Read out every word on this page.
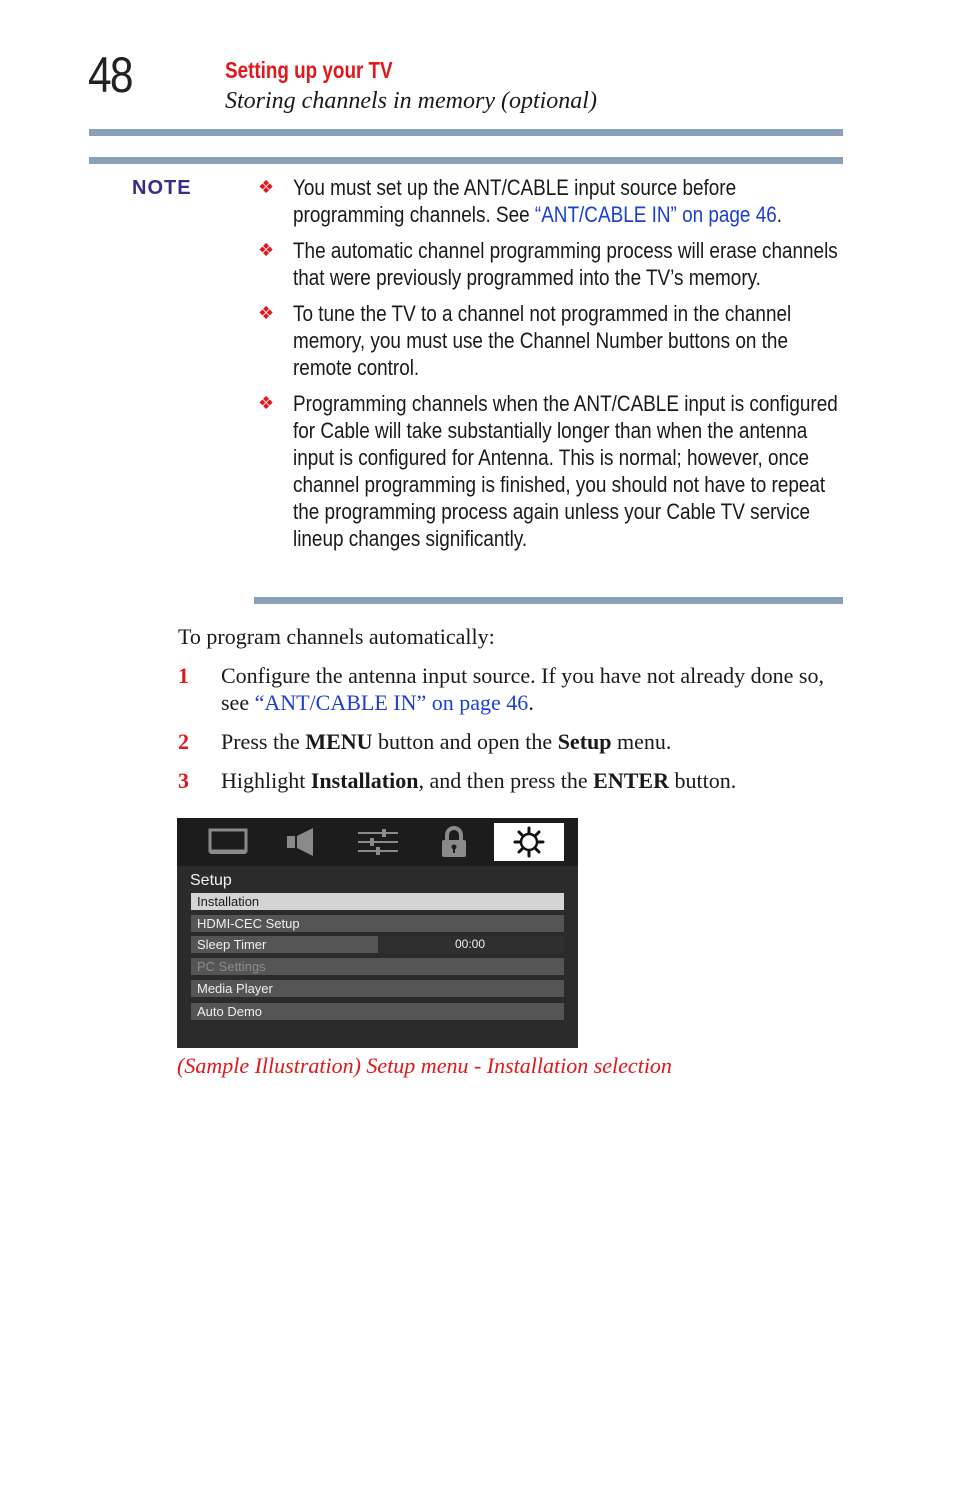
48	Setting up your TV
Storing channels in memory (optional)
NOTE	❖ You must set up the ANT/CABLE input source before programming channels. See “ANT/CABLE IN” on page 46.
❖ The automatic channel programming process will erase channels that were previously programmed into the TV’s memory.
❖ To tune the TV to a channel not programmed in the channel memory, you must use the Channel Number buttons on the remote control.
❖ Programming channels when the ANT/CABLE input is configured for Cable will take substantially longer than when the antenna input is configured for Antenna. This is normal; however, once channel programming is finished, you should not have to repeat the programming process again unless your Cable TV service lineup changes significantly.
To program channels automatically:
1 Configure the antenna input source. If you have not already done so, see “ANT/CABLE IN” on page 46.
2 Press the MENU button and open the Setup menu.
3 Highlight Installation, and then press the ENTER button.
Setup
Installation
HDMI-CEC Setup
Sleep Timer	00:00
PC Settings
Media Player
Auto Demo
(Sample Illustration) Setup menu - Installation selection
